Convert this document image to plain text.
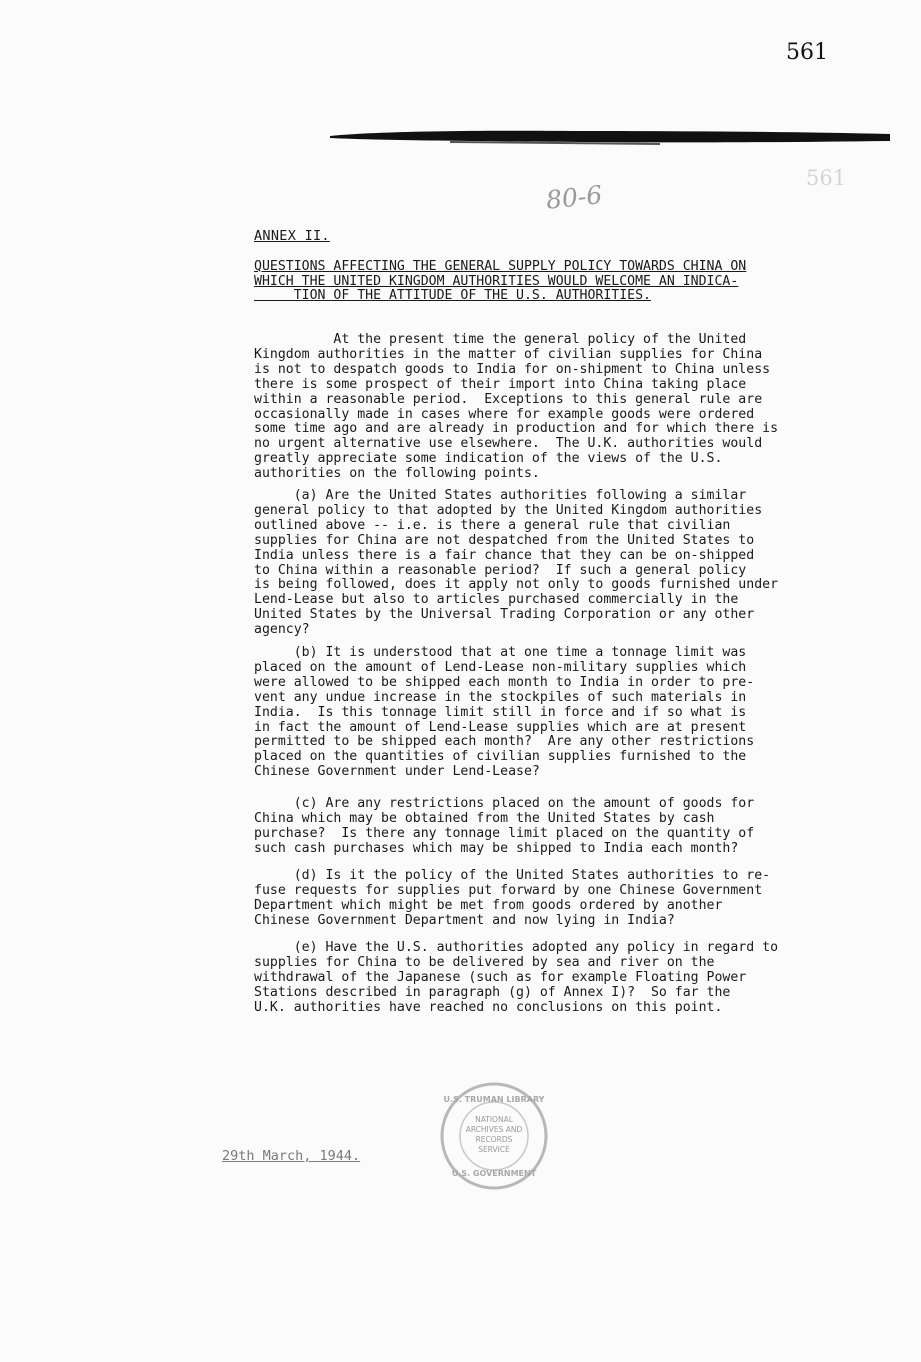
561
561
80-6
ANNEX II.
QUESTIONS AFFECTING THE GENERAL SUPPLY POLICY TOWARDS CHINA ON
WHICH THE UNITED KINGDOM AUTHORITIES WOULD WELCOME AN INDICA-
TION OF THE ATTITUDE OF THE U.S. AUTHORITIES.
At the present time the general policy of the United
Kingdom authorities in the matter of civilian supplies for China
is not to despatch goods to India for on-shipment to China unless
there is some prospect of their import into China taking place
within a reasonable period.  Exceptions to this general rule are
occasionally made in cases where for example goods were ordered
some time ago and are already in production and for which there is
no urgent alternative use elsewhere.  The U.K. authorities would
greatly appreciate some indication of the views of the U.S.
authorities on the following points.
(a) Are the United States authorities following a similar
general policy to that adopted by the United Kingdom authorities
outlined above -- i.e. is there a general rule that civilian
supplies for China are not despatched from the United States to
India unless there is a fair chance that they can be on-shipped
to China within a reasonable period?  If such a general policy
is being followed, does it apply not only to goods furnished under
Lend-Lease but also to articles purchased commercially in the
United States by the Universal Trading Corporation or any other
agency?
(b) It is understood that at one time a tonnage limit was
placed on the amount of Lend-Lease non-military supplies which
were allowed to be shipped each month to India in order to pre-
vent any undue increase in the stockpiles of such materials in
India.  Is this tonnage limit still in force and if so what is
in fact the amount of Lend-Lease supplies which are at present
permitted to be shipped each month?  Are any other restrictions
placed on the quantities of civilian supplies furnished to the
Chinese Government under Lend-Lease?
(c) Are any restrictions placed on the amount of goods for
China which may be obtained from the United States by cash
purchase?  Is there any tonnage limit placed on the quantity of
such cash purchases which may be shipped to India each month?
(d) Is it the policy of the United States authorities to re-
fuse requests for supplies put forward by one Chinese Government
Department which might be met from goods ordered by another
Chinese Government Department and now lying in India?
(e) Have the U.S. authorities adopted any policy in regard to
supplies for China to be delivered by sea and river on the
withdrawal of the Japanese (such as for example Floating Power
Stations described in paragraph (g) of Annex I)?  So far the
U.K. authorities have reached no conclusions on this point.
U.S. TRUMAN LIBRARY
NATIONAL
ARCHIVES AND
RECORDS
SERVICE
U.S. GOVERNMENT
29th March, 1944.
